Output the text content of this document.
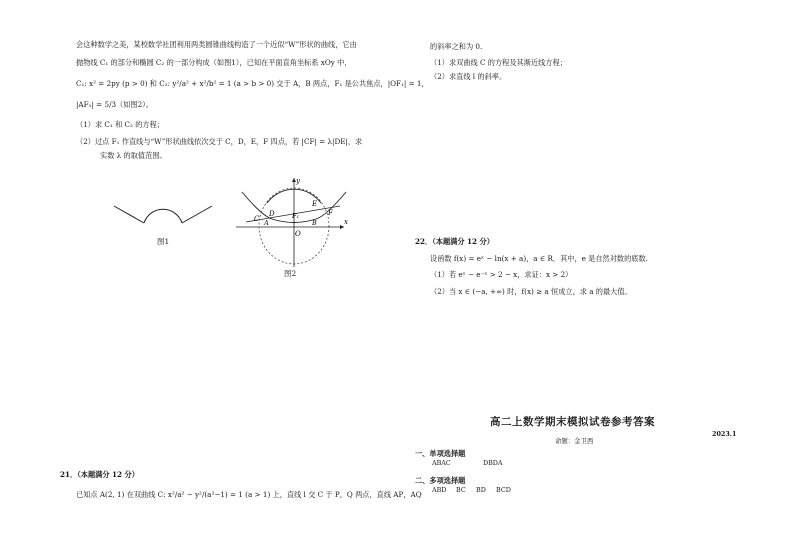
会这种数学之美，某校数学社团利用两类圆锥曲线构造了一个近似“W”形状的曲线，它由
抛物线 C₁ 的部分和椭圆 C₂ 的一部分构成（如图1），已知在平面直角坐标系 xOy 中，
C₁: x² = 2py (p > 0) 和 C₂: y²/a² + x²/b² = 1 (a > b > 0) 交于 A，B 两点，F₁ 是公共焦点，|OF₁| = 1，
|AF₁| = 5/3（如图2）。
（1）求 C₁ 和 C₂ 的方程；
（2）过点 F₁ 作直线与“W”形状曲线依次交于 C，D，E，F 四点，若 |CF| = λ|DE|，求
实数 λ 的取值范围。
图1
y
x
O
A	B
C
D
E
F
F₁
图2
21．（本题满分 12 分）
已知点 A(2, 1) 在双曲线 C: x²/a² − y²/(a²−1) = 1 (a > 1) 上，直线 l 交 C 于 P，Q 两点，直线 AP，AQ
的斜率之和为 0.
（1）求双曲线 C 的方程及其渐近线方程；
（2）求直线 l 的斜率。
22．（本题满分 12 分）
设函数 f(x) = eˣ − ln(x + a)，a ∈ R．其中，e 是自然对数的底数.
（1）若 eˣ − e⁻ˣ > 2 − x，求证：x > 2）
（2）当 x ∈ (−a, +∞) 时，f(x) ≥ a 恒成立，求 a 的最大值。
高二上数学期末模拟试卷参考答案
2023.1
命题：金卫西
一、单项选择题
ABAC    DBDA
二、多项选择题
ABD BC BD BCD
